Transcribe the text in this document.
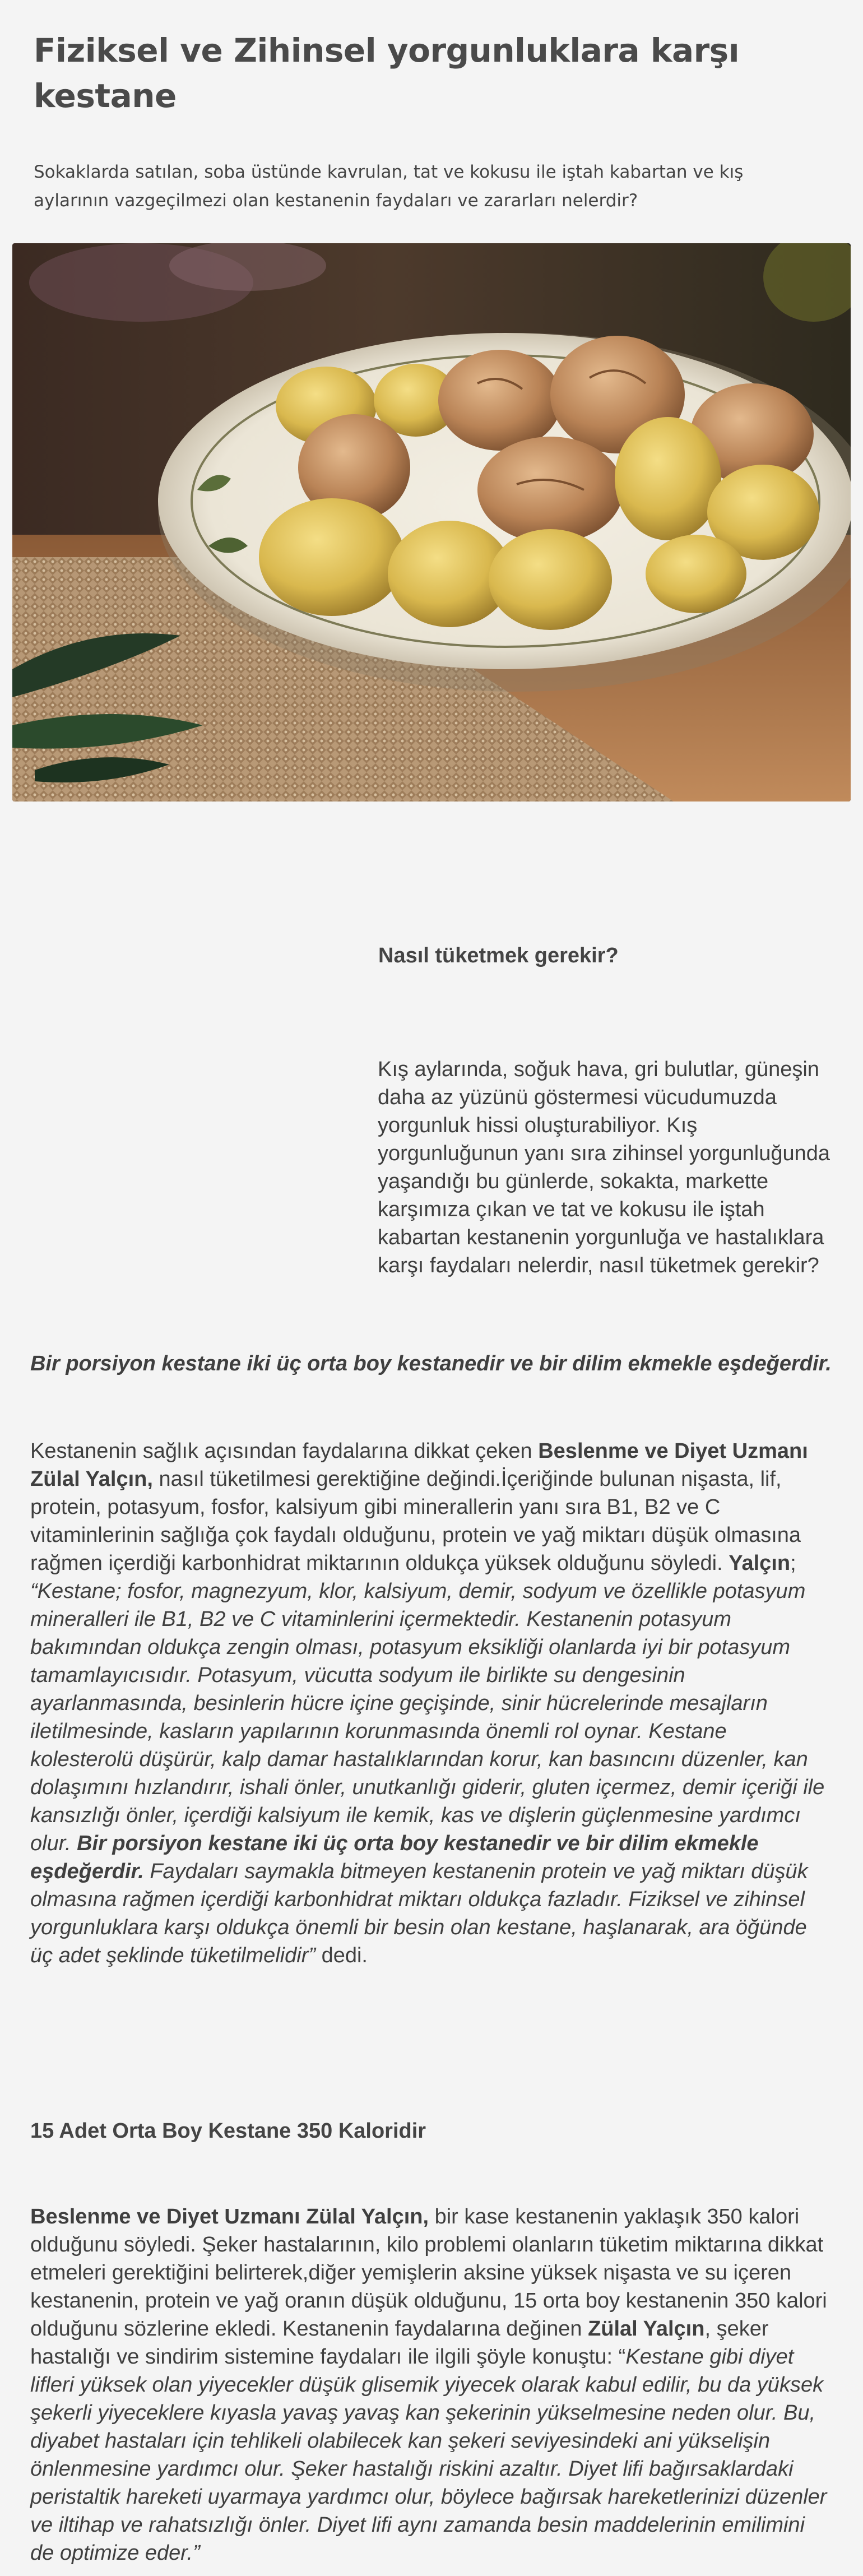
Fiziksel ve Zihinsel yorgunluklara karşı kestane

Sokaklarda satılan, soba üstünde kavrulan, tat ve kokusu ile iştah kabartan ve kış aylarının vazgeçilmezi olan kestanenin faydaları ve zararları nelerdir?

Nasıl tüketmek gerekir?

Kış aylarında, soğuk hava, gri bulutlar, güneşin daha az yüzünü göstermesi vücudumuzda yorgunluk hissi oluşturabiliyor. Kış yorgunluğunun yanı sıra zihinsel yorgunluğunda yaşandığı bu günlerde, sokakta, markette karşımıza çıkan ve tat ve kokusu ile iştah kabartan kestanenin yorgunluğa ve hastalıklara karşı faydaları nelerdir, nasıl tüketmek gerekir?

Bir porsiyon kestane iki üç orta boy kestanedir ve bir dilim ekmekle eşdeğerdir.

Kestanenin sağlık açısından faydalarına dikkat çeken Beslenme ve Diyet Uzmanı Zülal Yalçın, nasıl tüketilmesi gerektiğine değindi.İçeriğinde bulunan nişasta, lif, protein, potasyum, fosfor, kalsiyum gibi minerallerin yanı sıra B1, B2 ve C vitaminlerinin sağlığa çok faydalı olduğunu, protein ve yağ miktarı düşük olmasına rağmen içerdiği karbonhidrat miktarının oldukça yüksek olduğunu söyledi. Yalçın; “Kestane; fosfor, magnezyum, klor, kalsiyum, demir, sodyum ve özellikle potasyum mineralleri ile B1, B2 ve C vitaminlerini içermektedir. Kestanenin potasyum bakımından oldukça zengin olması, potasyum eksikliği olanlarda iyi bir potasyum tamamlayıcısıdır. Potasyum, vücutta sodyum ile birlikte su dengesinin ayarlanmasında, besinlerin hücre içine geçişinde, sinir hücrelerinde mesajların iletilmesinde, kasların yapılarının korunmasında önemli rol oynar. Kestane kolesterolü düşürür, kalp damar hastalıklarından korur, kan basıncını düzenler, kan dolaşımını hızlandırır, ishali önler, unutkanlığı giderir, gluten içermez, demir içeriği ile kansızlığı önler, içerdiği kalsiyum ile kemik, kas ve dişlerin güçlenmesine yardımcı olur. Bir porsiyon kestane iki üç orta boy kestanedir ve bir dilim ekmekle eşdeğerdir. Faydaları saymakla bitmeyen kestanenin protein ve yağ miktarı düşük olmasına rağmen içerdiği karbonhidrat miktarı oldukça fazladır. Fiziksel ve zihinsel yorgunluklara karşı oldukça önemli bir besin olan kestane, haşlanarak, ara öğünde üç adet şeklinde tüketilmelidir” dedi.

15 Adet Orta Boy Kestane 350 Kaloridir

Beslenme ve Diyet Uzmanı Zülal Yalçın, bir kase kestanenin yaklaşık 350 kalori olduğunu söyledi. Şeker hastalarının, kilo problemi olanların tüketim miktarına dikkat etmeleri gerektiğini belirterek,diğer yemişlerin aksine yüksek nişasta ve su içeren kestanenin, protein ve yağ oranın düşük olduğunu, 15 orta boy kestanenin 350 kalori olduğunu sözlerine ekledi. Kestanenin faydalarına değinen Zülal Yalçın, şeker hastalığı ve sindirim sistemine faydaları ile ilgili şöyle konuştu: “Kestane gibi diyet lifleri yüksek olan yiyecekler düşük glisemik yiyecek olarak kabul edilir, bu da yüksek şekerli yiyeceklere kıyasla yavaş yavaş kan şekerinin yükselmesine neden olur. Bu, diyabet hastaları için tehlikeli olabilecek kan şekeri seviyesindeki ani yükselişin önlenmesine yardımcı olur. Şeker hastalığı riskini azaltır. Diyet lifi bağırsaklardaki peristaltik hareketi uyarmaya yardımcı olur, böylece bağırsak hareketlerinizi düzenler ve iltihap ve rahatsızlığı önler. Diyet lifi aynı zamanda besin maddelerinin emilimini de optimize eder.”
